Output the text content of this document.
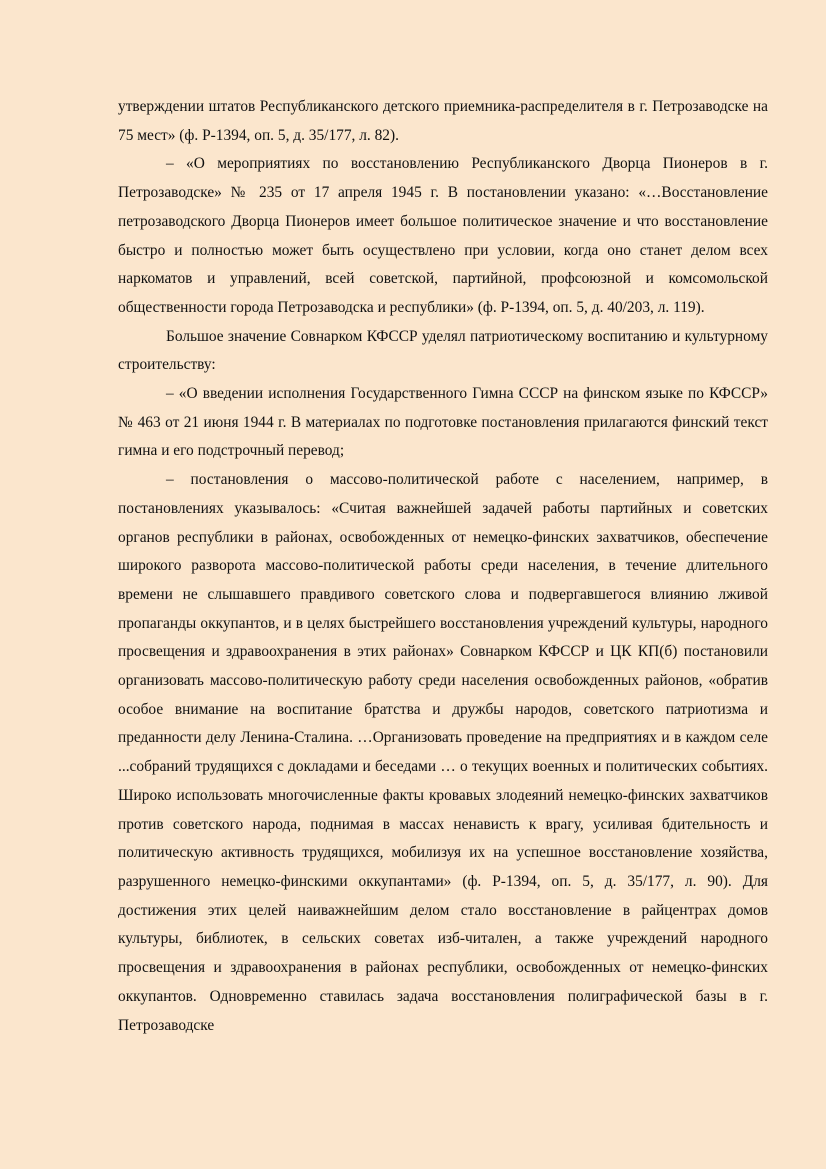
утверждении штатов Республиканского детского приемника-распределителя в г. Петрозаводске на 75 мест» (ф. Р-1394, оп. 5, д. 35/177, л. 82).

– «О мероприятиях по восстановлению Республиканского Дворца Пионеров в г. Петрозаводске» № 235 от 17 апреля 1945 г. В постановлении указано: «…Восстановление петрозаводского Дворца Пионеров имеет большое политическое значение и что восстановление быстро и полностью может быть осуществлено при условии, когда оно станет делом всех наркоматов и управлений, всей советской, партийной, профсоюзной и комсомольской общественности города Петрозаводска и республики» (ф. Р-1394, оп. 5, д. 40/203, л. 119).

Большое значение Совнарком КФССР уделял патриотическому воспитанию и культурному строительству:

– «О введении исполнения Государственного Гимна СССР на финском языке по КФССР» № 463 от 21 июня 1944 г. В материалах по подготовке постановления прилагаются финский текст гимна и его подстрочный перевод;

– постановления о массово-политической работе с населением, например, в постановлениях указывалось: «Считая важнейшей задачей работы партийных и советских органов республики в районах, освобожденных от немецко-финских захватчиков, обеспечение широкого разворота массово-политической работы среди населения, в течение длительного времени не слышавшего правдивого советского слова и подвергавшегося влиянию лживой пропаганды оккупантов, и в целях быстрейшего восстановления учреждений культуры, народного просвещения и здравоохранения в этих районах» Совнарком КФССР и ЦК КП(б) постановили организовать массово-политическую работу среди населения освобожденных районов, «обратив особое внимание на воспитание братства и дружбы народов, советского патриотизма и преданности делу Ленина-Сталина. …Организовать проведение на предприятиях и в каждом селе ...собраний трудящихся с докладами и беседами … о текущих военных и политических событиях. Широко использовать многочисленные факты кровавых злодеяний немецко-финских захватчиков против советского народа, поднимая в массах ненависть к врагу, усиливая бдительность и политическую активность трудящихся, мобилизуя их на успешное восстановление хозяйства, разрушенного немецко-финскими оккупантами» (ф. Р-1394, оп. 5, д. 35/177, л. 90). Для достижения этих целей наиважнейшим делом стало восстановление в райцентрах домов культуры, библиотек, в сельских советах изб-читален, а также учреждений народного просвещения и здравоохранения в районах республики, освобожденных от немецко-финских оккупантов. Одновременно ставилась задача восстановления полиграфической базы в г. Петрозаводске
